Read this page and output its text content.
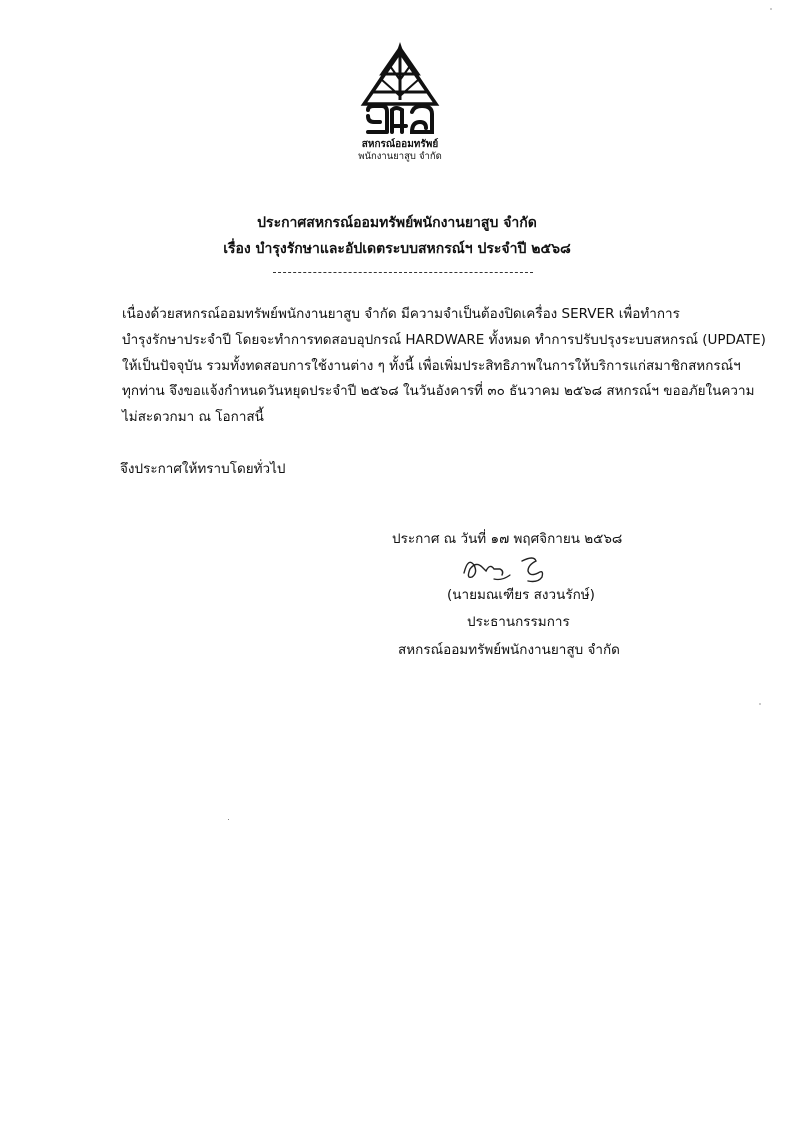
สหกรณ์ออมทรัพย์
พนักงานยาสูบ จำกัด
ประกาศสหกรณ์ออมทรัพย์พนักงานยาสูบ จำกัด
เรื่อง บำรุงรักษาและอัปเดตระบบสหกรณ์ฯ ประจำปี ๒๕๖๘
เนื่องด้วยสหกรณ์ออมทรัพย์พนักงานยาสูบ จำกัด มีความจำเป็นต้องปิดเครื่อง SERVER เพื่อทำการ
บำรุงรักษาประจำปี โดยจะทำการทดสอบอุปกรณ์ HARDWARE ทั้งหมด ทำการปรับปรุงระบบสหกรณ์ (UPDATE)
ให้เป็นปัจจุบัน รวมทั้งทดสอบการใช้งานต่าง ๆ ทั้งนี้ เพื่อเพิ่มประสิทธิภาพในการให้บริการแก่สมาชิกสหกรณ์ฯ
ทุกท่าน จึงขอแจ้งกำหนดวันหยุดประจำปี ๒๕๖๘ ในวันอังคารที่ ๓๐ ธันวาคม ๒๕๖๘ สหกรณ์ฯ ขออภัยในความ
ไม่สะดวกมา ณ โอกาสนี้
จึงประกาศให้ทราบโดยทั่วไป
ประกาศ ณ วันที่ ๑๗ พฤศจิกายน ๒๕๖๘
(นายมณเฑียร สงวนรักษ์)
ประธานกรรมการ
สหกรณ์ออมทรัพย์พนักงานยาสูบ จำกัด
